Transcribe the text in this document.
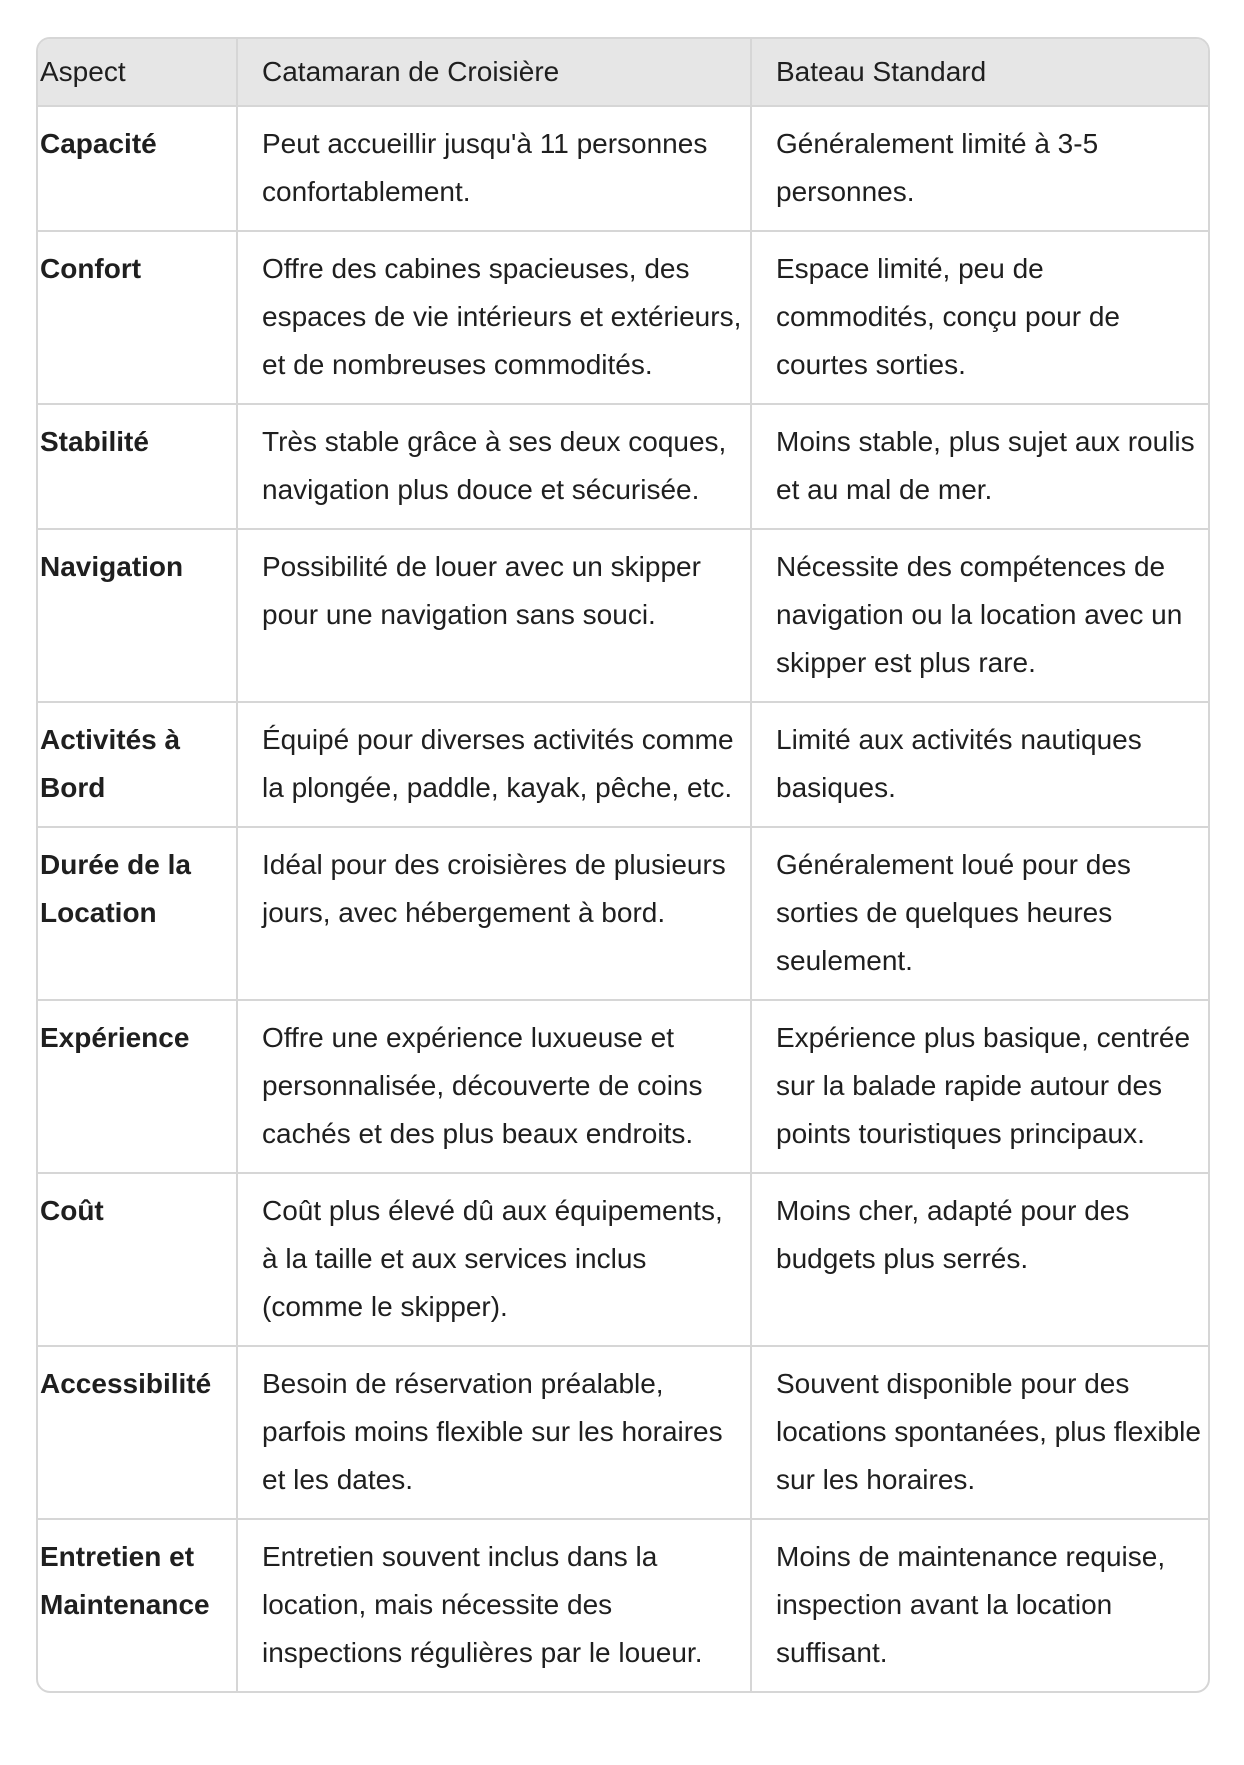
Aspect	Catamaran de Croisière	Bateau Standard
Capacité	Peut accueillir jusqu'à 11 personnes confortablement.	Généralement limité à 3-5 personnes.
Confort	Offre des cabines spacieuses, des espaces de vie intérieurs et extérieurs, et de nombreuses commodités.	Espace limité, peu de commodités, conçu pour de courtes sorties.
Stabilité	Très stable grâce à ses deux coques, navigation plus douce et sécurisée.	Moins stable, plus sujet aux roulis et au mal de mer.
Navigation	Possibilité de louer avec un skipper pour une navigation sans souci.	Nécessite des compétences de navigation ou la location avec un skipper est plus rare.
Activités à Bord	Équipé pour diverses activités comme la plongée, paddle, kayak, pêche, etc.	Limité aux activités nautiques basiques.
Durée de la Location	Idéal pour des croisières de plusieurs jours, avec hébergement à bord.	Généralement loué pour des sorties de quelques heures seulement.
Expérience	Offre une expérience luxueuse et personnalisée, découverte de coins cachés et des plus beaux endroits.	Expérience plus basique, centrée sur la balade rapide autour des points touristiques principaux.
Coût	Coût plus élevé dû aux équipements, à la taille et aux services inclus (comme le skipper).	Moins cher, adapté pour des budgets plus serrés.
Accessibilité	Besoin de réservation préalable, parfois moins flexible sur les horaires et les dates.	Souvent disponible pour des locations spontanées, plus flexible sur les horaires.
Entretien et Maintenance	Entretien souvent inclus dans la location, mais nécessite des inspections régulières par le loueur.	Moins de maintenance requise, inspection avant la location suffisant.
